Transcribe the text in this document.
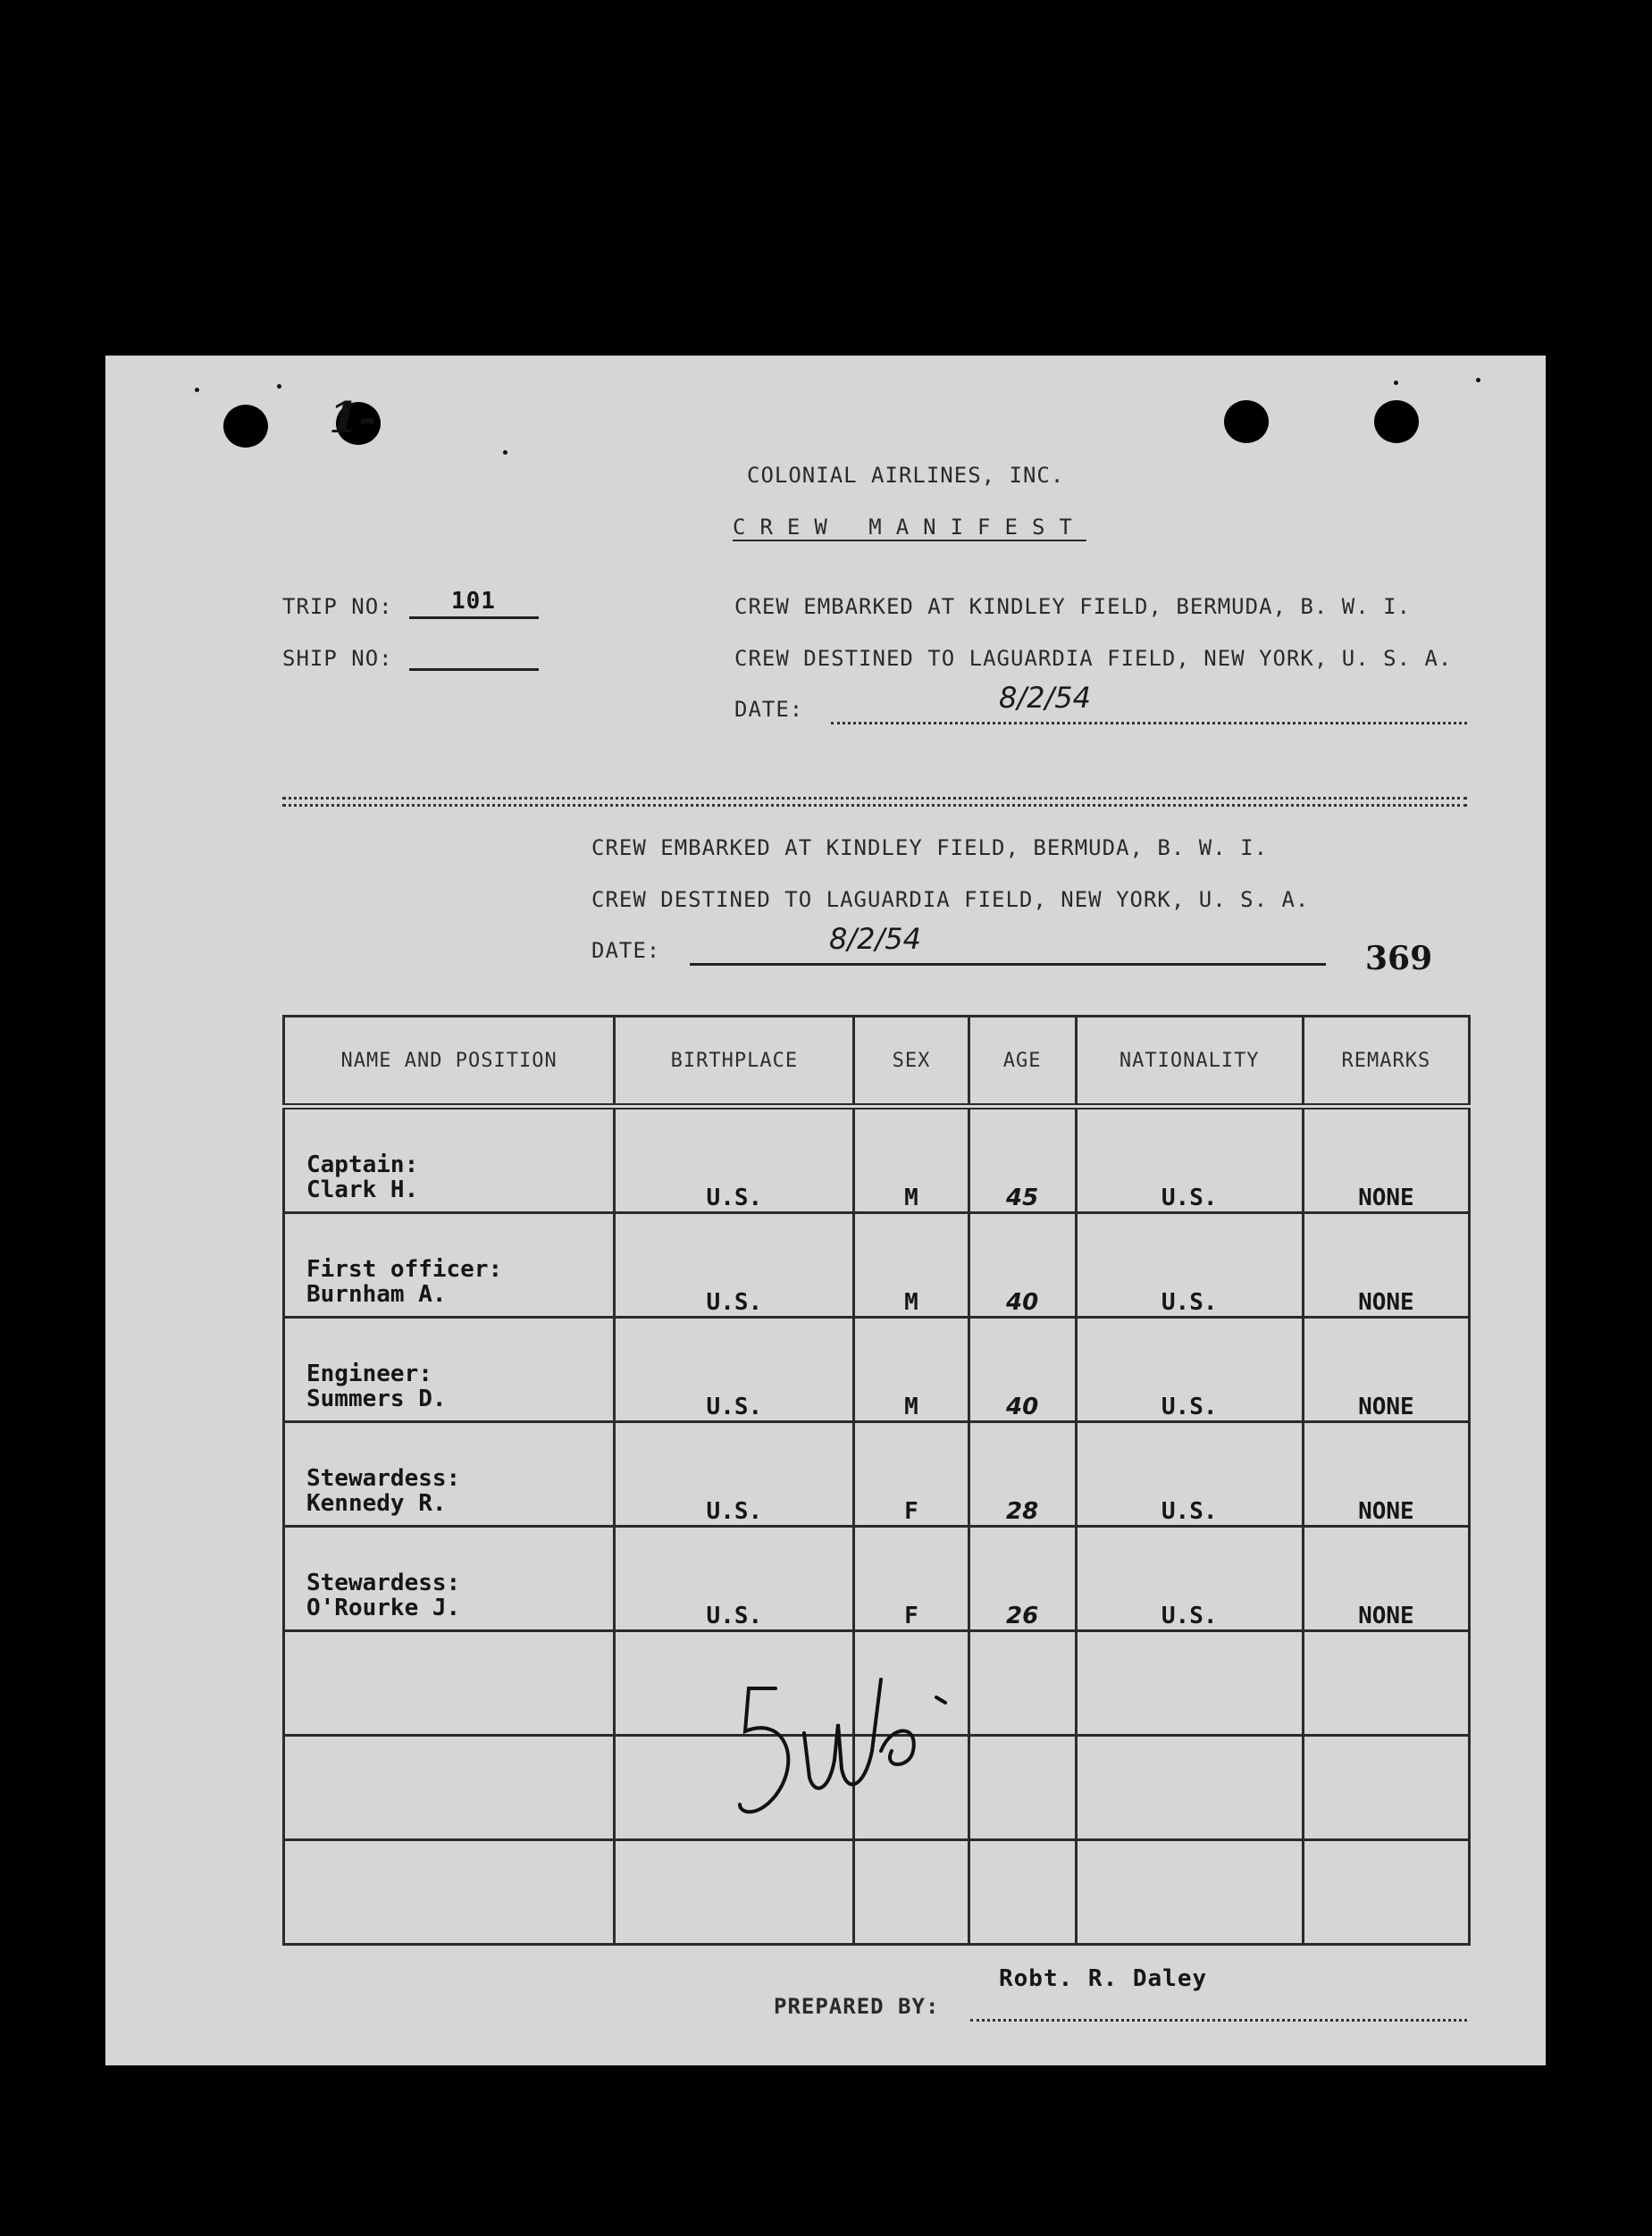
1-
COLONIAL AIRLINES, INC.
CREW MANIFEST
TRIP NO:	101
SHIP NO:
CREW EMBARKED AT KINDLEY FIELD, BERMUDA, B. W. I.
CREW DESTINED TO LAGUARDIA FIELD, NEW YORK, U. S. A.
DATE:	8/2/54
CREW EMBARKED AT KINDLEY FIELD, BERMUDA, B. W. I.
CREW DESTINED TO LAGUARDIA FIELD, NEW YORK, U. S. A.
DATE:	8/2/54
369
NAME AND POSITION	BIRTHPLACE	SEX	AGE	NATIONALITY	REMARKS

Captain:
Clark H.	U.S.	M	45	U.S.	NONE

First officer:
Burnham A.	U.S.	M	40	U.S.	NONE

Engineer:
Summers D.	U.S.	M	40	U.S.	NONE

Stewardess:
Kennedy R.	U.S.	F	28	U.S.	NONE

Stewardess:
O'Rourke J.	U.S.	F	26	U.S.	NONE

PREPARED BY:
Robt. R. Daley
